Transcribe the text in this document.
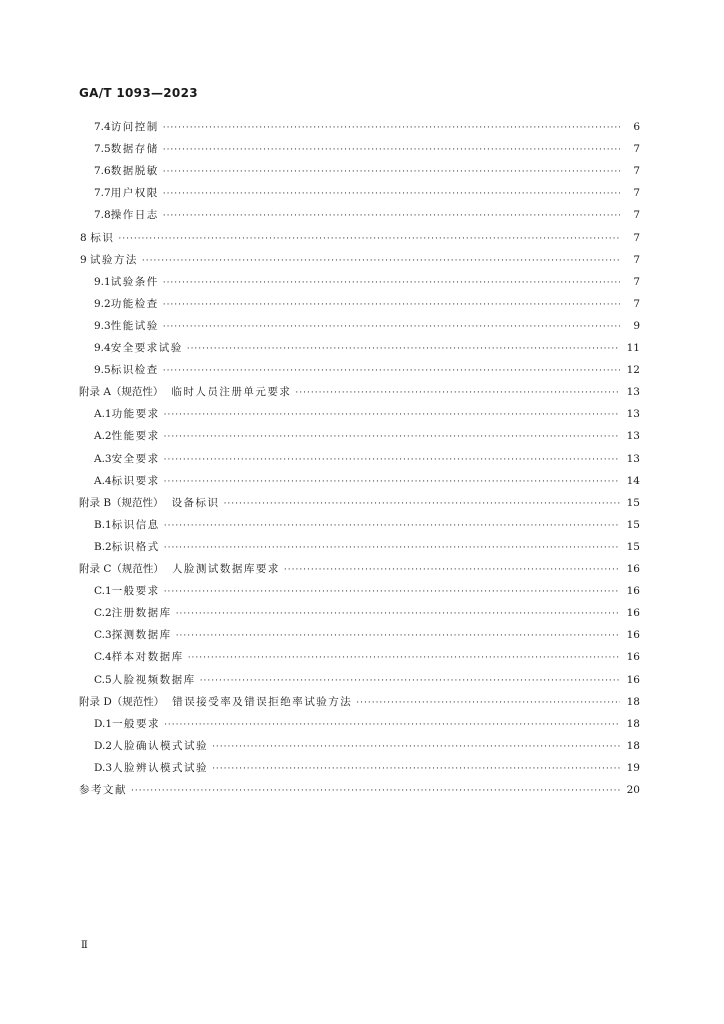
GA/T 1093—2023
7.4 访问控制 ·····	6
7.5 数据存储 ·····	7
7.6 数据脱敏 ·····	7
7.7 用户权限 ·····	7
7.8 操作日志 ·····	7
8 标识 ·····	7
9 试验方法 ·····	7
9.1 试验条件 ·····	7
9.2 功能检查 ·····	7
9.3 性能试验 ·····	9
9.4 安全要求试验 ·····	11
9.5 标识检查 ·····	12
附录 A（规范性） 临时人员注册单元要求 ·····	13
A.1 功能要求 ·····	13
A.2 性能要求 ·····	13
A.3 安全要求 ·····	13
A.4 标识要求 ·····	14
附录 B（规范性） 设备标识 ·····	15
B.1 标识信息 ·····	15
B.2 标识格式 ·····	15
附录 C（规范性） 人脸测试数据库要求 ·····	16
C.1 一般要求 ·····	16
C.2 注册数据库 ·····	16
C.3 探测数据库 ·····	16
C.4 样本对数据库 ·····	16
C.5 人脸视频数据库 ·····	16
附录 D（规范性） 错误接受率及错误拒绝率试验方法 ·····	18
D.1 一般要求 ·····	18
D.2 人脸确认模式试验 ·····	18
D.3 人脸辨认模式试验 ·····	19
参考文献 ·····	20
Ⅱ
